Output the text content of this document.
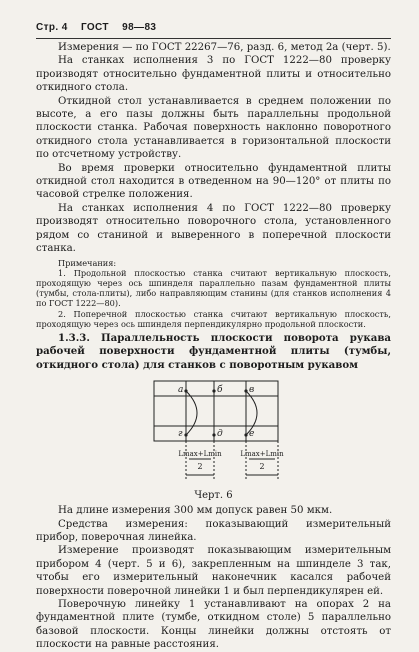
Стр. 4 ГОСТ 98—83

Измерения — по ГОСТ 22267—76, разд. 6, метод 2а (черт. 5).

На станках исполнения 3 по ГОСТ 1222—80 проверку производят относительно фундаментной плиты и относительно откидного стола.

Откидной стол устанавливается в среднем положении по высоте, а его пазы должны быть параллельны продольной плоскости станка. Рабочая поверхность наклонно поворотного откидного стола устанавливается в горизонтальной плоскости по отсчетному устройству.

Во время проверки относительно фундаментной плиты откидной стол находится в отведенном на 90—120° от плиты по часовой стрелке положения.

На станках исполнения 4 по ГОСТ 1222—80 проверку производят относительно поворочного стола, установленного рядом со станиной и выверенного в поперечной плоскости станка.

Примечания:

1. Продольной плоскостью станка считают вертикальную плоскость, проходящую через ось шпинделя параллельно пазам фундаментной плиты (тумбы, стола-плиты), либо направляющим станины (для станков исполнения 4 по ГОСТ 1222—80).

2. Поперечной плоскостью станка считают вертикальную плоскость, проходящую через ось шпинделя перпендикулярно продольной плоскости.

1.3.3. Параллельность плоскости поворота рукава рабочей поверхности фундаментной плиты (тумбы, откидного стола) для станков с поворотным рукавом

а	б	в
г	д	е
Lmax+Lmin
2
Lmax+Lmin
2
Черт. 6

На длине измерения 300 мм допуск равен 50 мкм.

Средства измерения: показывающий измерительный прибор, поверочная линейка.

Измерение производят показывающим измерительным прибором 4 (черт. 5 и 6), закрепленным на шпинделе 3 так, чтобы его измерительный наконечник касался рабочей поверхности поверочной линейки 1 и был перпендикулярен ей.

Поверочную линейку 1 устанавливают на опорах 2 на фундаментной плите (тумбе, откидном столе) 5 параллельно базовой плоскости. Концы линейки должны отстоять от плоскости на равные расстояния.
